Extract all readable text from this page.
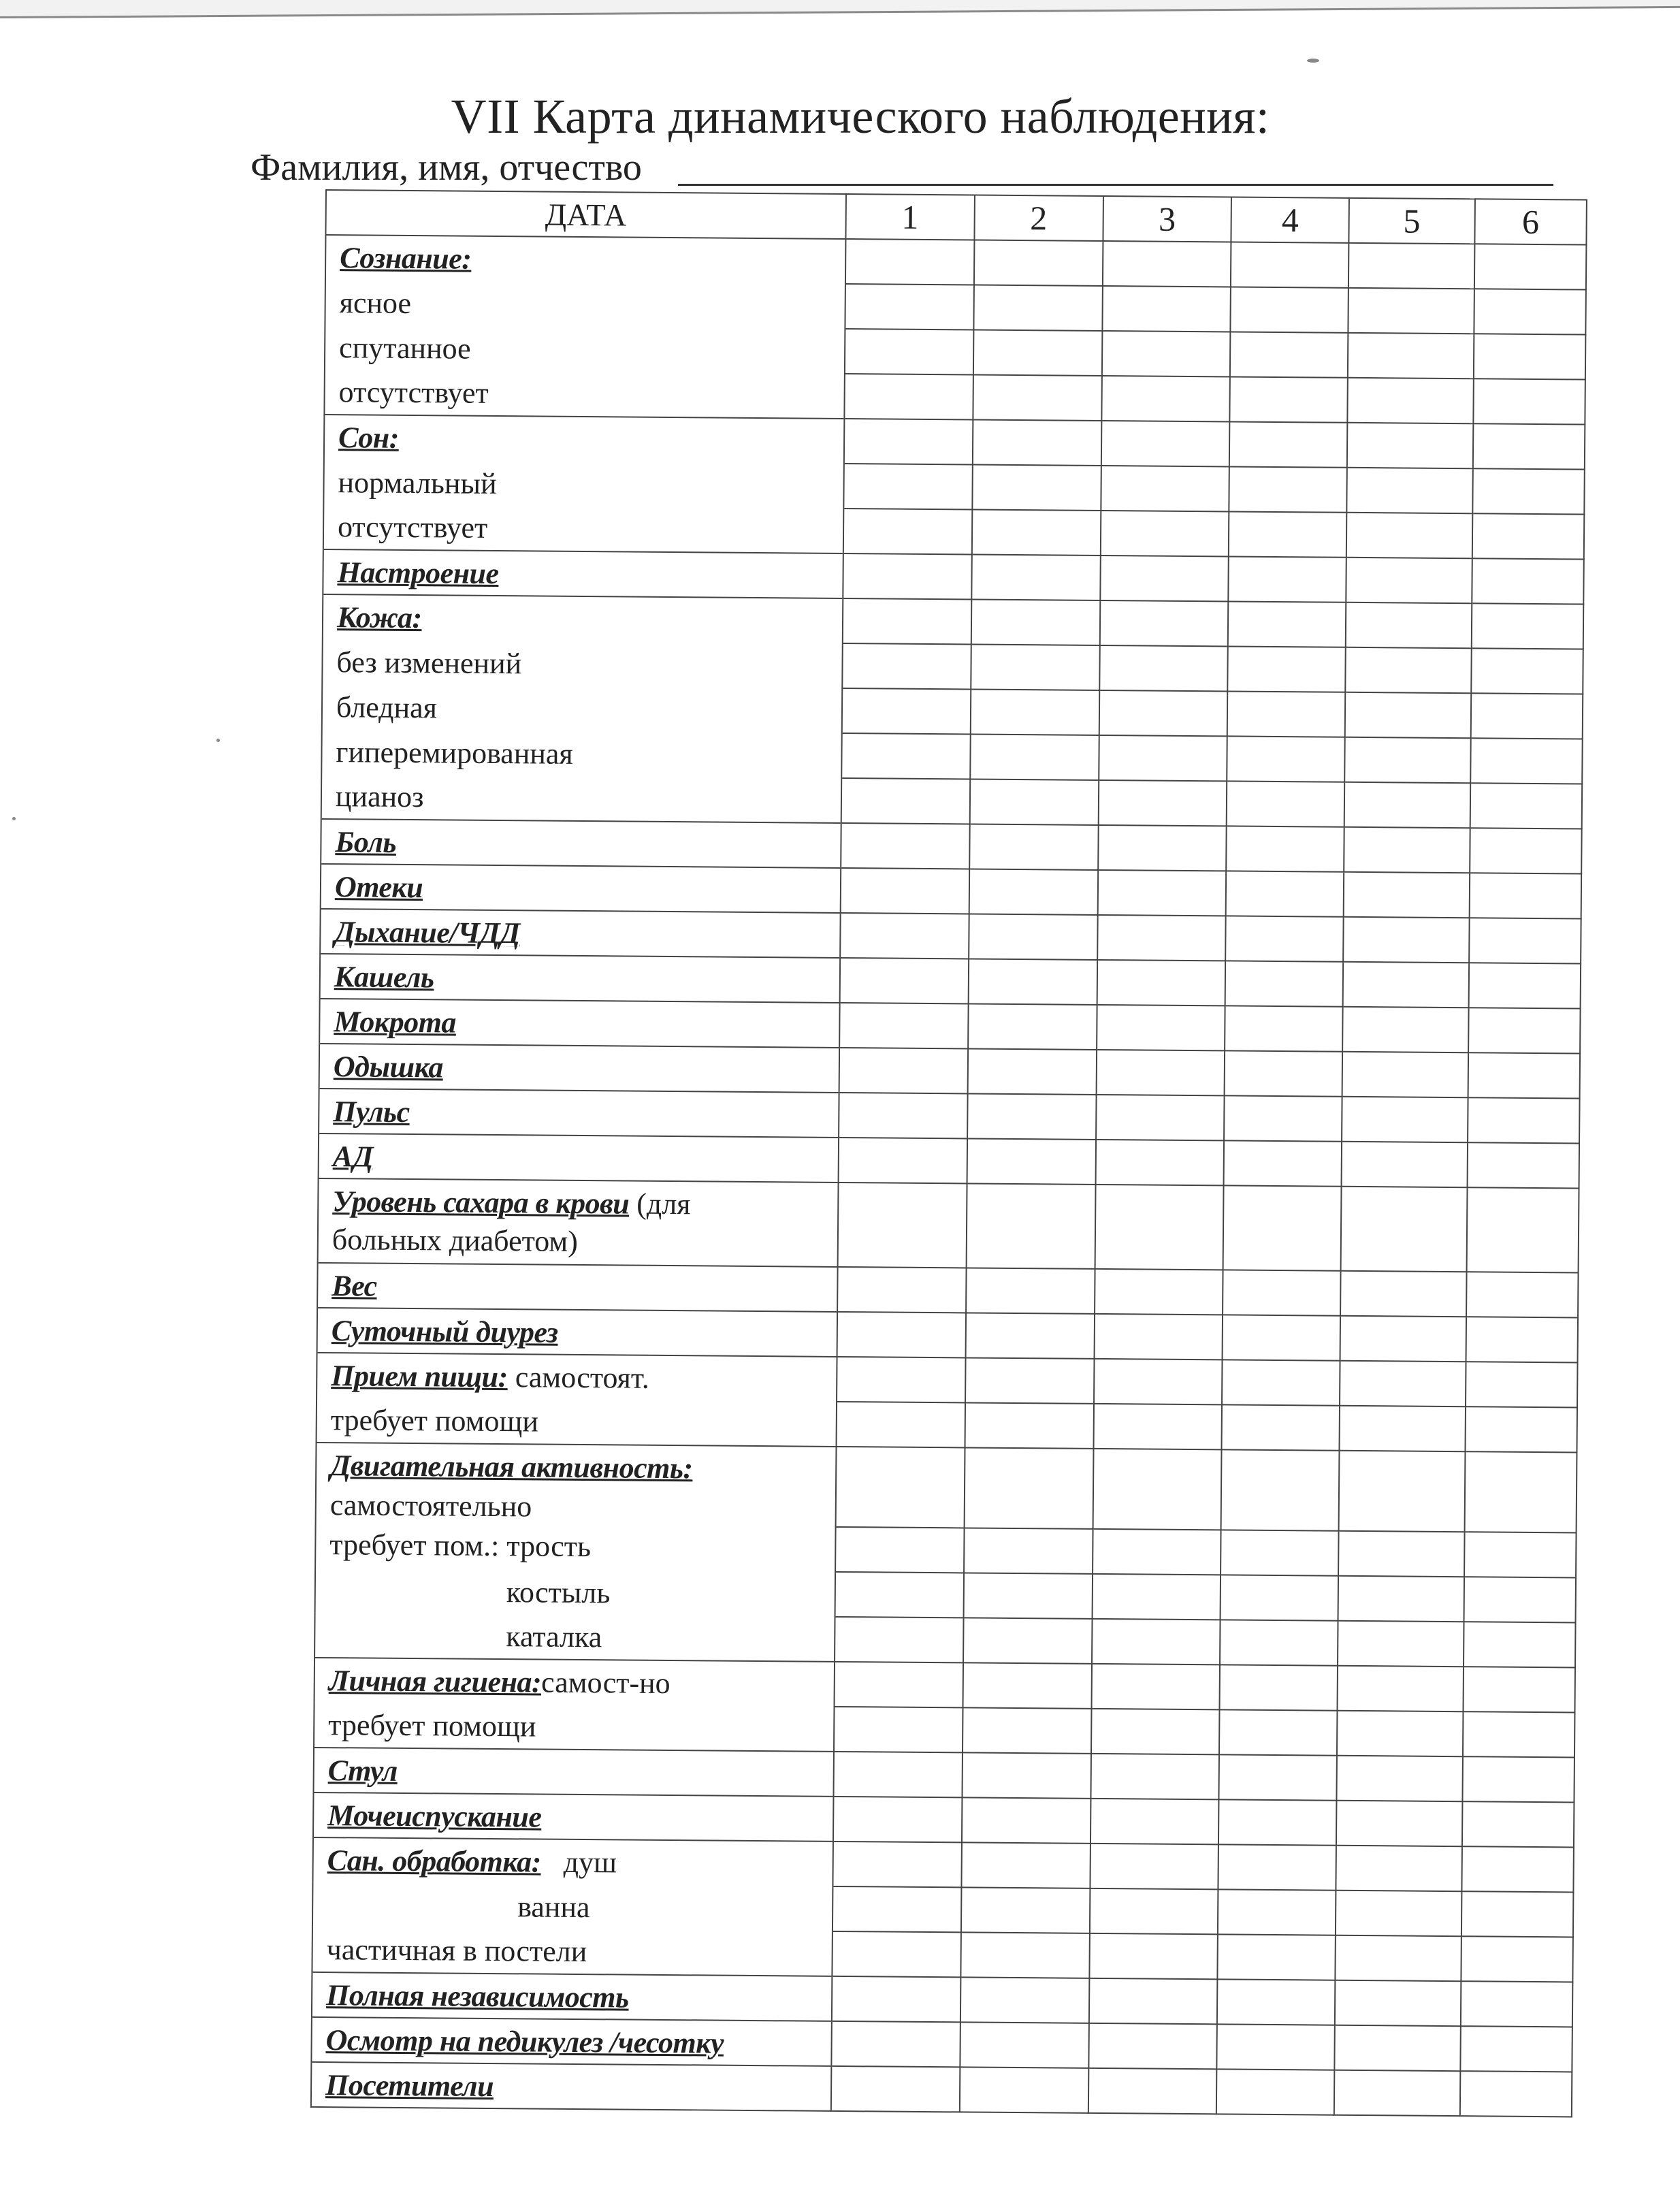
VII Карта динамического наблюдения:
Фамилия, имя, отчество
ДАТА	1	2	3	4	5	6
Сознание:						
ясное						
спутанное						
отсутствует						
Сон:						
нормальный						
отсутствует						
Настроение						
Кожа:						
без изменений						
бледная						
гиперемированная						
цианоз						
Боль						
Отеки						
Дыхание/ЧДД						
Кашель						
Мокрота						
Одышка						
Пульс						
АД						
Уровень сахара в крови (для
больных диабетом)						
Вес						
Суточный диурез						
Прием пищи: самостоят.						
требует помощи						
Двигательная активность:
самостоятельно
требует пом.: трость						

костыль						
каталка						
Личная гигиена:самост-но						
требует помощи						
Стул						
Мочеиспускание						
Сан. обработка: душ						
ванна						
частичная в постели						
Полная независимость						
Осмотр на педикулез /чесотку						
Посетители						
